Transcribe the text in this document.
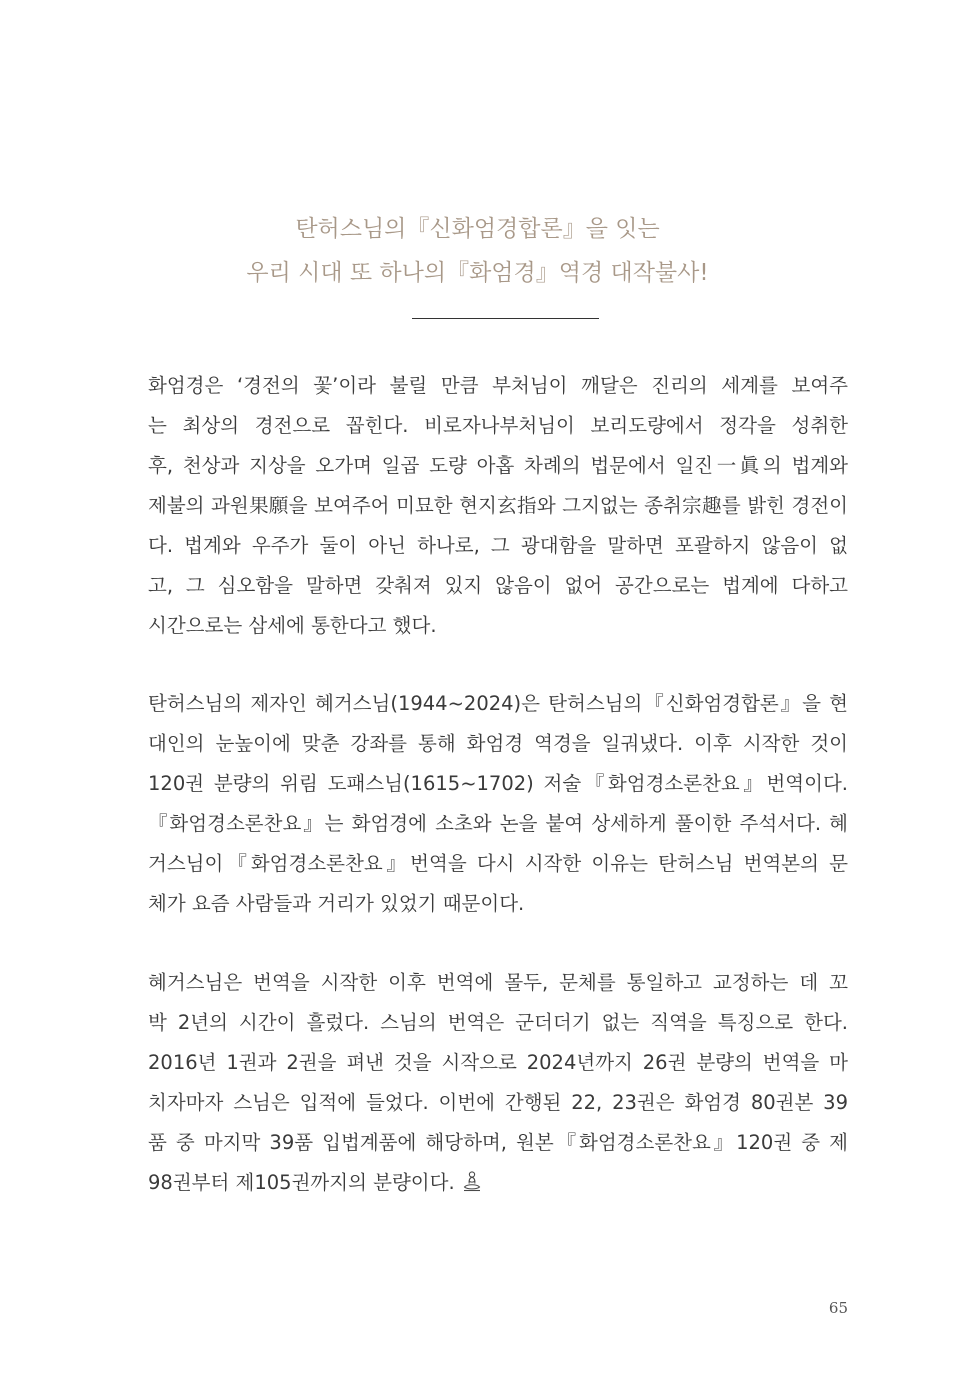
탄허스님의『신화엄경합론』을 잇는
우리 시대 또 하나의『화엄경』역경 대작불사!
화엄경은 ‘경전의 꽃’이라 불릴 만큼 부처님이 깨달은 진리의 세계를 보여주
는 최상의 경전으로 꼽힌다. 비로자나부처님이 보리도량에서 정각을 성취한
후, 천상과 지상을 오가며 일곱 도량 아홉 차례의 법문에서 일진一眞의 법계와
제불의 과원果願을 보여주어 미묘한 현지玄指와 그지없는 종취宗趣를 밝힌 경전이
다. 법계와 우주가 둘이 아닌 하나로, 그 광대함을 말하면 포괄하지 않음이 없
고, 그 심오함을 말하면 갖춰져 있지 않음이 없어 공간으로는 법계에 다하고
시간으로는 삼세에 통한다고 했다.
탄허스님의 제자인 혜거스님(1944~2024)은 탄허스님의『신화엄경합론』을 현
대인의 눈높이에 맞춘 강좌를 통해 화엄경 역경을 일궈냈다. 이후 시작한 것이
120권 분량의 위림 도패스님(1615~1702) 저술『화엄경소론찬요』번역이다.
『화엄경소론찬요』는 화엄경에 소초와 논을 붙여 상세하게 풀이한 주석서다. 혜
거스님이『화엄경소론찬요』번역을 다시 시작한 이유는 탄허스님 번역본의 문
체가 요즘 사람들과 거리가 있었기 때문이다.
혜거스님은 번역을 시작한 이후 번역에 몰두, 문체를 통일하고 교정하는 데 꼬
박 2년의 시간이 흘렀다. 스님의 번역은 군더더기 없는 직역을 특징으로 한다.
2016년 1권과 2권을 펴낸 것을 시작으로 2024년까지 26권 분량의 번역을 마
치자마자 스님은 입적에 들었다. 이번에 간행된 22, 23권은 화엄경 80권본 39
품 중 마지막 39품 입법계품에 해당하며, 원본『화엄경소론찬요』120권 중 제
98권부터 제105권까지의 분량이다.
65
